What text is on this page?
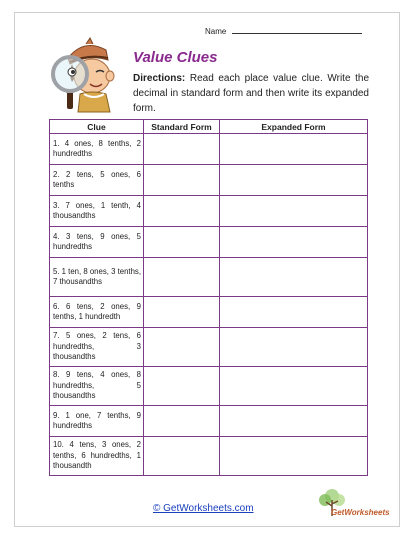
Name
Value Clues
Directions: Read each place value clue. Write the decimal in standard form and then write its expanded form.
Clue	Standard Form	Expanded Form
1. 4 ones, 8 tenths, 2 hundredths		
2. 2 tens, 5 ones, 6 tenths		
3. 7 ones, 1 tenth, 4 thousandths		
4. 3 tens, 9 ones, 5 hundredths		
5. 1 ten, 8 ones, 3 tenths, 7 thousandths		
6. 6 tens, 2 ones, 9 tenths, 1 hundredth		
7. 5 ones, 2 tens, 6 hundredths, 3 thousandths		
8. 9 tens, 4 ones, 8 hundredths, 5 thousandths		
9. 1 one, 7 tenths, 9 hundredths		
10. 4 tens, 3 ones, 2 tenths, 6 hundredths, 1 thousandth		
© GetWorksheets.com	GetWorksheets
